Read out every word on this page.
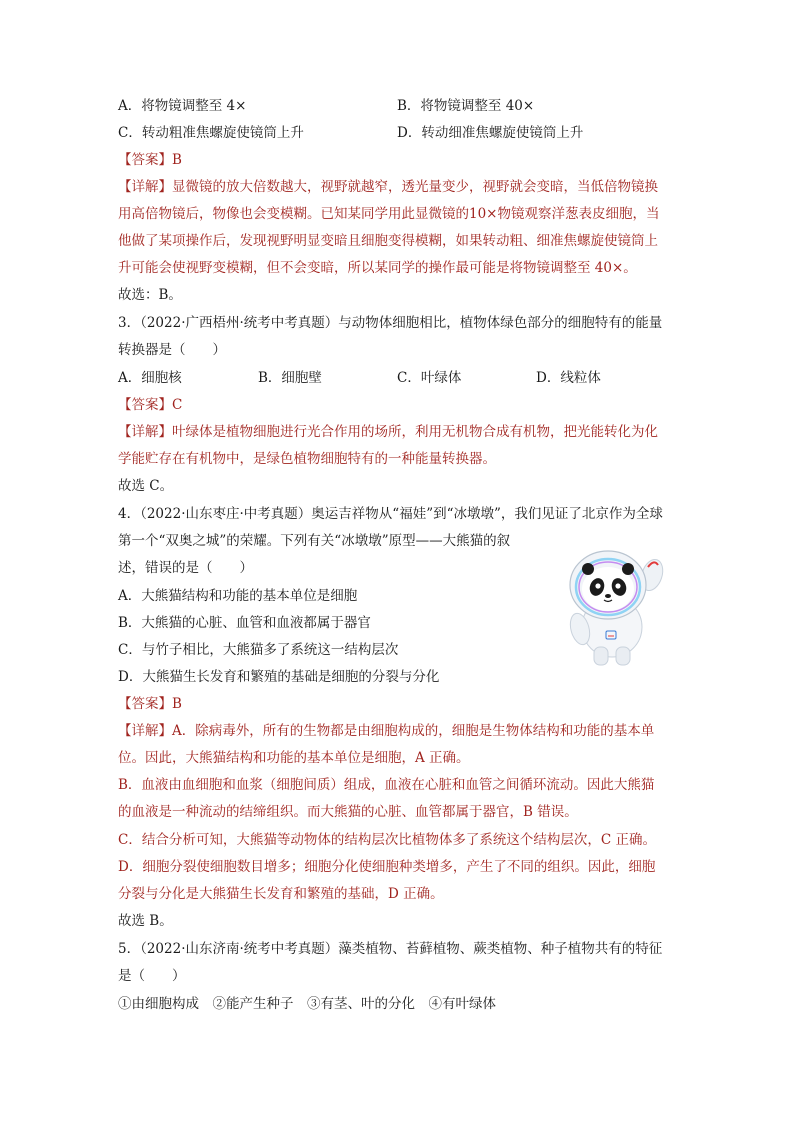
A．将物镜调整至 4×	B．将物镜调整至 40×
C．转动粗准焦螺旋使镜筒上升	D．转动细准焦螺旋使镜筒上升
【答案】B
【详解】显微镜的放大倍数越大，视野就越窄，透光量变少，视野就会变暗，当低倍物镜换
用高倍物镜后，物像也会变模糊。已知某同学用此显微镜的10×物镜观察洋葱表皮细胞，当
他做了某项操作后，发现视野明显变暗且细胞变得模糊，如果转动粗、细准焦螺旋使镜筒上
升可能会使视野变模糊，但不会变暗，所以某同学的操作最可能是将物镜调整至 40×。
故选：B。
3．（2022·广西梧州·统考中考真题）与动物体细胞相比，植物体绿色部分的细胞特有的能量
转换器是（　　）
A．细胞核	B．细胞壁	C．叶绿体	D．线粒体
【答案】C
【详解】叶绿体是植物细胞进行光合作用的场所，利用无机物合成有机物，把光能转化为化
学能贮存在有机物中，是绿色植物细胞特有的一种能量转换器。
故选 C。
4．（2022·山东枣庄·中考真题）奥运吉祥物从“福娃”到“冰墩墩”，我们见证了北京作为全球
第一个“双奥之城”的荣耀。下列有关“冰墩墩”原型——大熊猫的叙
述，错误的是（　　）
A．大熊猫结构和功能的基本单位是细胞
B．大熊猫的心脏、血管和血液都属于器官
C．与竹子相比，大熊猫多了系统这一结构层次
D．大熊猫生长发育和繁殖的基础是细胞的分裂与分化
【答案】B
【详解】A．除病毒外，所有的生物都是由细胞构成的，细胞是生物体结构和功能的基本单
位。因此，大熊猫结构和功能的基本单位是细胞，A 正确。
B．血液由血细胞和血浆（细胞间质）组成，血液在心脏和血管之间循环流动。因此大熊猫
的血液是一种流动的结缔组织。而大熊猫的心脏、血管都属于器官，B 错误。
C．结合分析可知，大熊猫等动物体的结构层次比植物体多了系统这个结构层次，C 正确。
D．细胞分裂使细胞数目增多；细胞分化使细胞种类增多，产生了不同的组织。因此，细胞
分裂与分化是大熊猫生长发育和繁殖的基础，D 正确。
故选 B。
5．（2022·山东济南·统考中考真题）藻类植物、苔藓植物、蕨类植物、种子植物共有的特征
是（　　）
①由细胞构成　②能产生种子　③有茎、叶的分化　④有叶绿体
